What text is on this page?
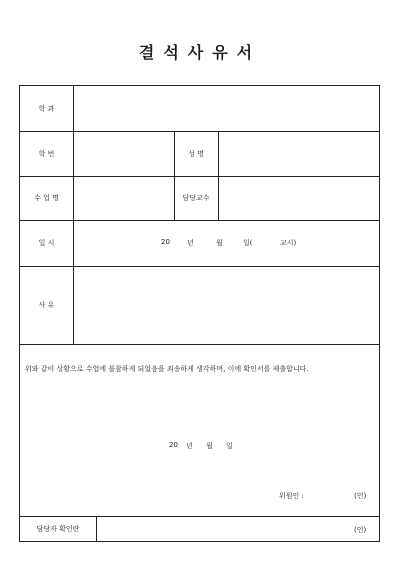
결석사유서
학 과
학 번	성 명
수 업 명	담당교수
일 시	20 년	월	일(	교시)
사 유
위와 같이 상황으로 수업에 불참하게 되었음을 죄송하게 생각하며, 이에 확인서를 제출합니다.
20 년 월 일
위원인 :	(인)
담당자 확인란	(인)
